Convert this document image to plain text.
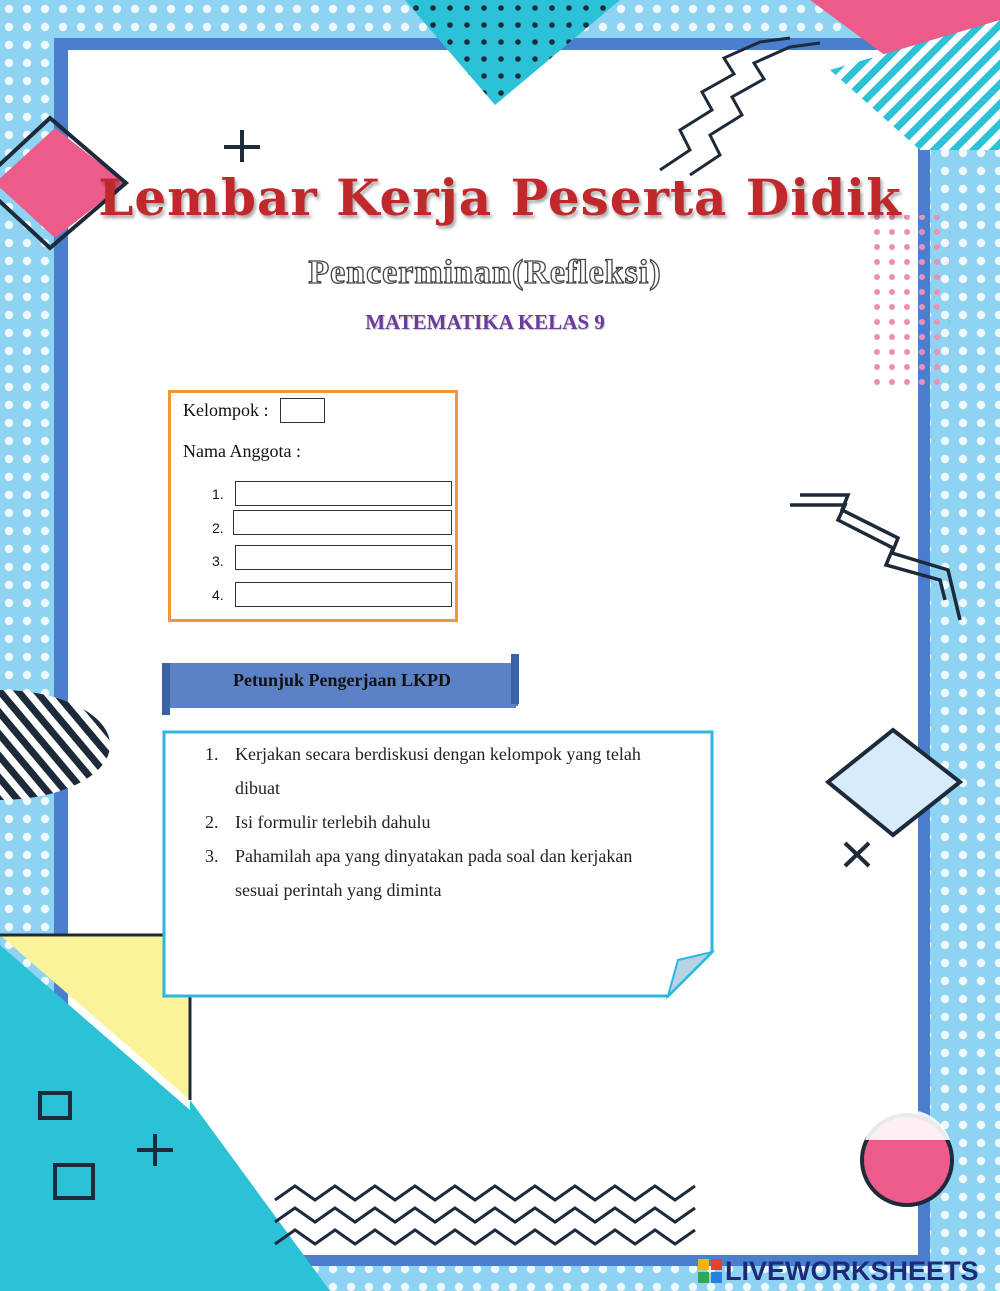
Lembar Kerja Peserta Didik
Pencerminan(Refleksi)
MATEMATIKA KELAS 9
Kelompok :
Nama Anggota :
1.
2.
3.
4.
Petunjuk Pengerjaan LKPD
1. Kerjakan secara berdiskusi dengan kelompok yang telah
dibuat
2. Isi formulir terlebih dahulu
3. Pahamilah apa yang dinyatakan pada soal dan kerjakan
sesuai perintah yang diminta
LIVEWORKSHEETS
